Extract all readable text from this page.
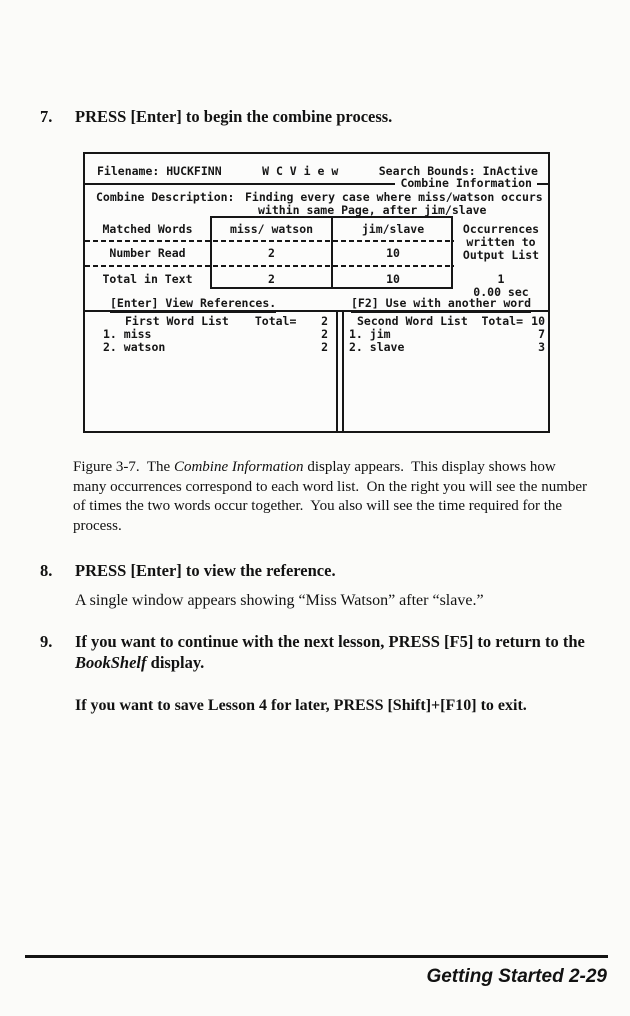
7.	PRESS [Enter] to begin the combine process.
Filename: HUCKFINN	W C V i e w	Search Bounds: InActive
Combine Information
Combine Description: Finding every case where miss/watson occurs
within same Page, after jim/slave
Matched Words	miss/ watson	jim/slave	Occurrences
written to
Output List
Number Read	2	10
Total in Text	2	10	1
0.00 sec
[Enter] View References.	[F2] Use with another word
First Word List Total= 2
1. miss	2
2. watson	2
Second Word List Total= 10
1. jim	7
2. slave	3
Figure 3-7.  The Combine Information display appears.  This display shows how many occurrences correspond to each word list.  On the right you will see the number of times the two words occur together.  You also will see the time required for the process.
8.	PRESS [Enter] to view the reference.
A single window appears showing “Miss Watson” after “slave.”
9.	If you want to continue with the next lesson, PRESS [F5] to return to the BookShelf display.
If you want to save Lesson 4 for later, PRESS [Shift]+[F10] to exit.
Getting Started 2-29
